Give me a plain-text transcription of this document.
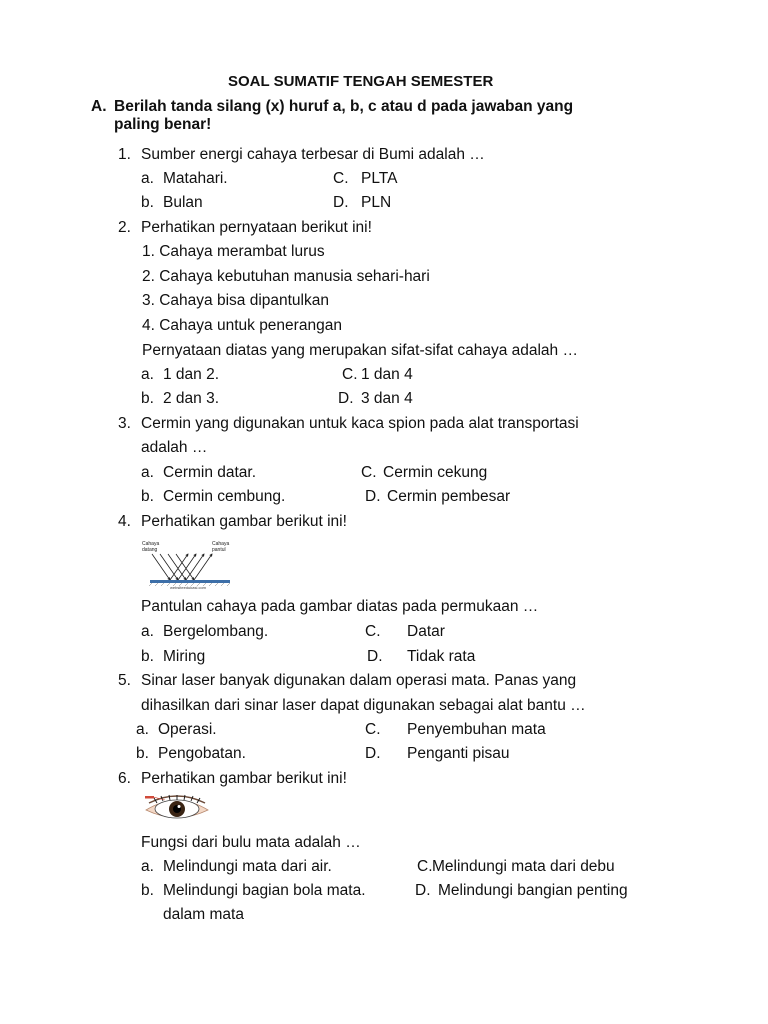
SOAL SUMATIF TENGAH SEMESTER
A. Berilah tanda silang (x) huruf a, b, c atau d pada jawaban yang
paling benar!
1. Sumber energi cahaya terbesar di Bumi adalah …
a. Matahari.	C. PLTA
b. Bulan	D. PLN
2. Perhatikan pernyataan berikut ini!
1. Cahaya merambat lurus
2. Cahaya kebutuhan manusia sehari-hari
3. Cahaya bisa dipantulkan
4. Cahaya untuk penerangan
Pernyataan diatas yang merupakan sifat-sifat cahaya adalah …
a. 1 dan 2.	C. 1 dan 4
b. 2 dan 3.	D. 3 dan 4
3. Cermin yang digunakan untuk kaca spion pada alat transportasi
adalah …
a. Cermin datar.	C. Cermin cekung
b. Cermin cembung.	D. Cermin pembesar
4. Perhatikan gambar berikut ini!
Cahaya
datang
Cahaya
pantul
websiteedukasi.com
Pantulan cahaya pada gambar diatas pada permukaan …
a. Bergelombang.	C. Datar
b. Miring	D. Tidak rata
5. Sinar laser banyak digunakan dalam operasi mata. Panas yang
dihasilkan dari sinar laser dapat digunakan sebagai alat bantu …
a. Operasi.	C. Penyembuhan mata
b. Pengobatan.	D. Penganti pisau
6. Perhatikan gambar berikut ini!
Fungsi dari bulu mata adalah …
a. Melindungi mata dari air.	C. Melindungi mata dari debu
b. Melindungi bagian bola mata.	D. Melindungi bangian penting
dalam mata
